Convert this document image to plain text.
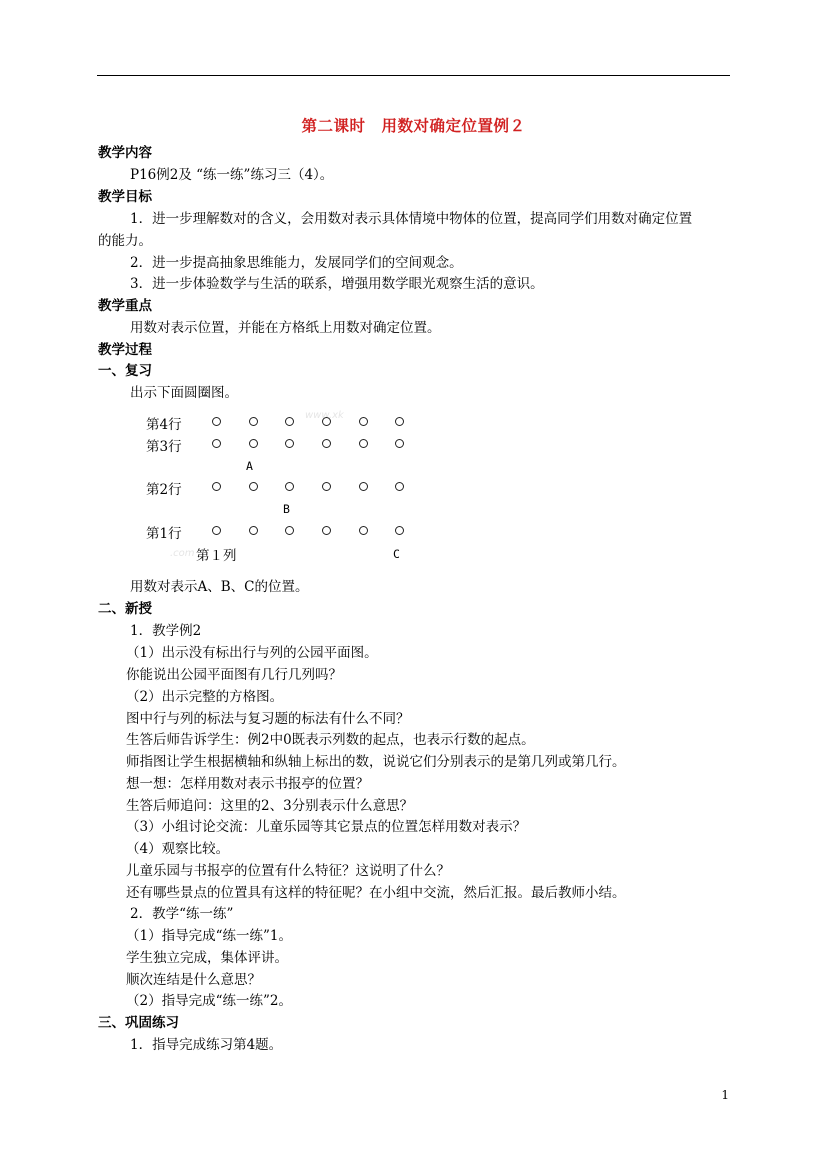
第二课时　用数对确定位置例２
教学内容
P16例2及 “练一练”练习三（4）。
教学目标
1．进一步理解数对的含义，会用数对表示具体情境中物体的位置，提高同学们用数对确定位置
的能力。
2．进一步提高抽象思维能力，发展同学们的空间观念。
3．进一步体验数学与生活的联系，增强用数学眼光观察生活的意识。
教学重点
用数对表示位置，并能在方格纸上用数对确定位置。
教学过程
一、复习
出示下面圆圈图。
www.xk
.com
第4行
第3行
第2行
第1行
A
B
第１列	C
用数对表示A、B、C的位置。
二、新授
1．教学例2
（1）出示没有标出行与列的公园平面图。
你能说出公园平面图有几行几列吗？
（2）出示完整的方格图。
图中行与列的标法与复习题的标法有什么不同？
生答后师告诉学生：例2中0既表示列数的起点，也表示行数的起点。
师指图让学生根据横轴和纵轴上标出的数，说说它们分别表示的是第几列或第几行。
想一想：怎样用数对表示书报亭的位置？
生答后师追问：这里的2、3分别表示什么意思？
（3）小组讨论交流：儿童乐园等其它景点的位置怎样用数对表示？
（4）观察比较。
儿童乐园与书报亭的位置有什么特征？这说明了什么？
还有哪些景点的位置具有这样的特征呢？在小组中交流，然后汇报。最后教师小结。
2．教学“练一练”
（1）指导完成“练一练”1。
学生独立完成，集体评讲。
顺次连结是什么意思？
（2）指导完成“练一练”2。
三、巩固练习
1．指导完成练习第4题。
1
